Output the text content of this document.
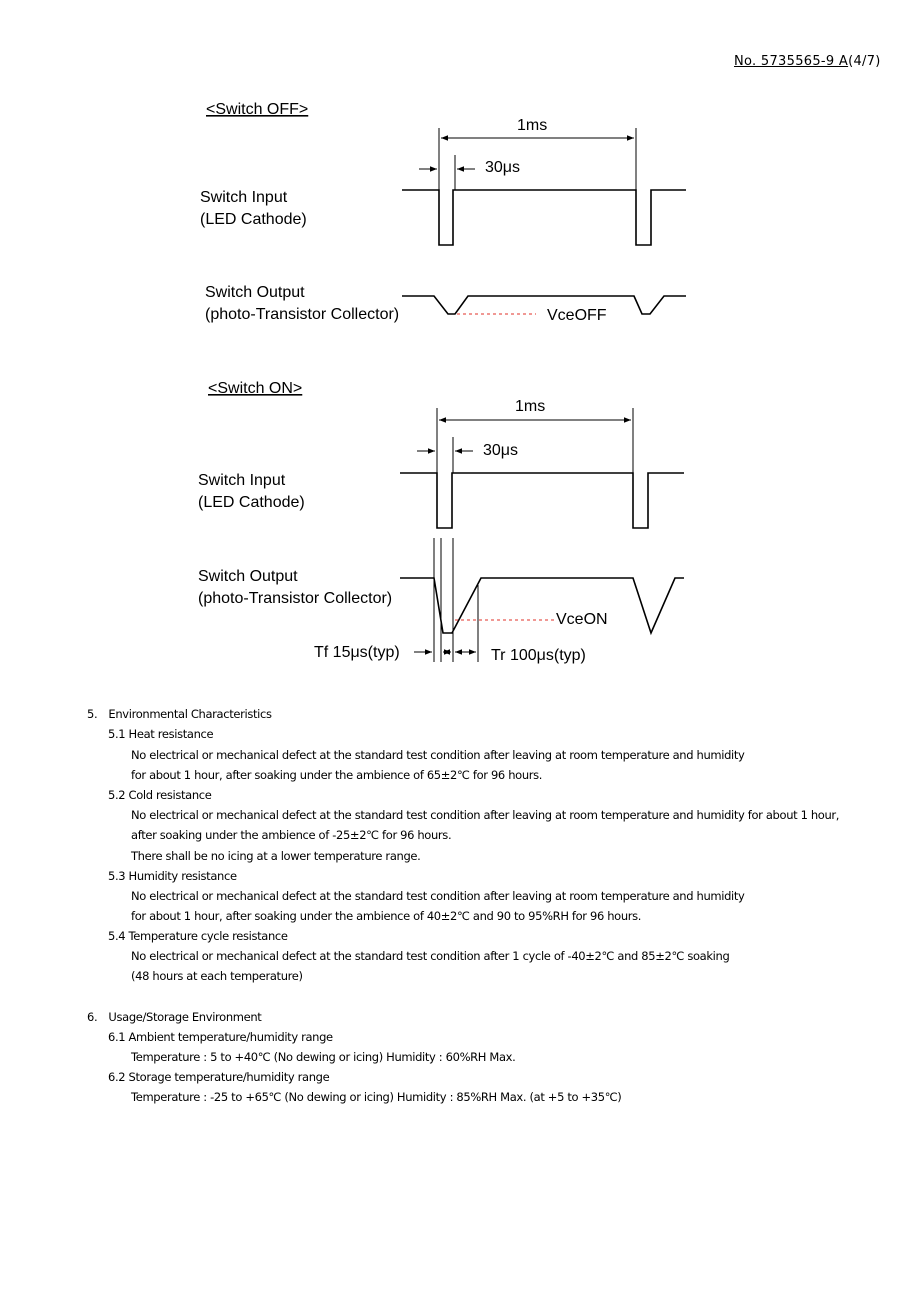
No. 5735565-9 A(4/7)
<Switch OFF>
1ms
30μs
Switch Input
(LED Cathode)
Switch Output
(photo-Transistor Collector)	VceOFF
<Switch ON>
1ms
30μs
Switch Input
(LED Cathode)
Switch Output
(photo-Transistor Collector)
VceON
Tf 15μs(typ)	Tr 100μs(typ)
5.　Environmental Characteristics
5.1 Heat resistance
No electrical or mechanical defect at the standard test condition after leaving at room temperature and humidity
for about 1 hour, after soaking under the ambience of 65±2℃ for 96 hours.
5.2 Cold resistance
No electrical or mechanical defect at the standard test condition after leaving at room temperature and humidity for about 1 hour,
after soaking under the ambience of -25±2℃ for 96 hours.
There shall be no icing at a lower temperature range.
5.3 Humidity resistance
No electrical or mechanical defect at the standard test condition after leaving at room temperature and humidity
for about 1 hour, after soaking under the ambience of 40±2℃ and 90 to 95%RH for 96 hours.
5.4 Temperature cycle resistance
No electrical or mechanical defect at the standard test condition after 1 cycle of -40±2℃ and 85±2℃ soaking
(48 hours at each temperature)
6.　Usage/Storage Environment
6.1 Ambient temperature/humidity range
Temperature : 5 to +40℃ (No dewing or icing) Humidity : 60%RH Max.
6.2 Storage temperature/humidity range
Temperature : -25 to +65℃ (No dewing or icing) Humidity : 85%RH Max. (at +5 to +35℃)
